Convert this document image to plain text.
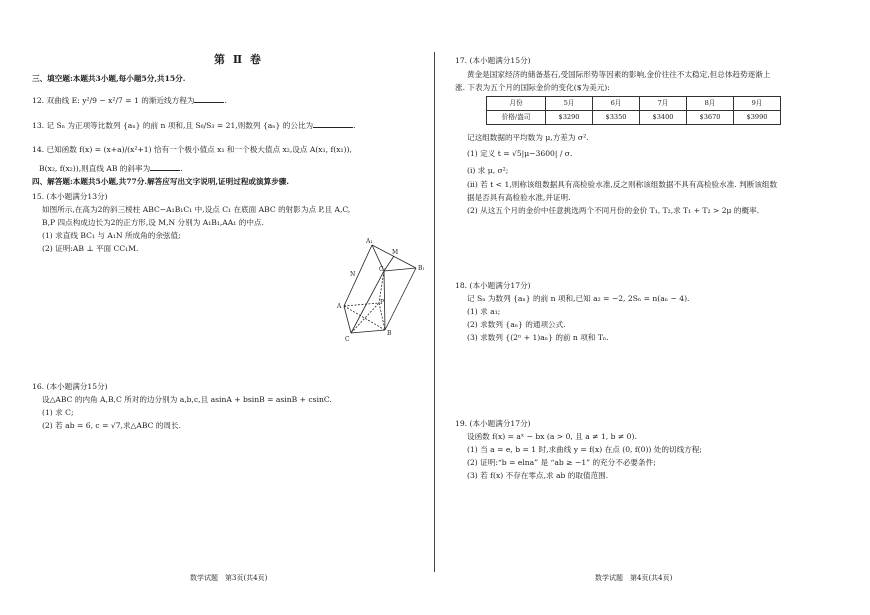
第 Ⅱ 卷
三、填空题:本题共3小题,每小题5分,共15分.
12. 双曲线 E: y²/9 − x²/7 = 1 的渐近线方程为	.
13. 记 Sₙ 为正项等比数列 {aₙ} 的前 n 项和,且 S₆/S₃ = 21,则数列 {aₙ} 的公比为	.
14. 已知函数 f(x) = (x+a)/(x²+1) 恰有一个极小值点 x₁ 和一个极大值点 x₂,设点 A(x₁, f(x₁)),
B(x₂, f(x₂)),则直线 AB 的斜率为	.
四、解答题:本题共5小题,共77分.解答应写出文字说明,证明过程或演算步骤.
15. (本小题满分13分)
如图所示,在高为2的斜三棱柱 ABC−A₁B₁C₁ 中,设点 C₁ 在底面 ABC 的射影为点 P,且 A,C,
B,P 四点构成边长为2的正方形,设 M,N 分别为 A₁B₁,AA₁ 的中点.
(1) 求直线 BC₁ 与 A₁N 所成角的余弦值;
(2) 证明:AB ⊥ 平面 CC₁M.
A₁
M
B₁
N
C₁
P
A
B
C
16. (本小题满分15分)
设△ABC 的内角 A,B,C 所对的边分别为 a,b,c,且 asinA + bsinB = asinB + csinC.
(1) 求 C;
(2) 若 ab = 6, c = √7,求△ABC 的周长.
数学试题　第3页(共4页)
17. (本小题满分15分)
黄金是国家经济的储备基石,受国际形势等因素的影响,金价往往不太稳定,但总体趋势逐渐上
涨. 下表为五个月的国际金价的变化($为美元):
月份	5月	6月	7月	8月	9月
价格/盎司	$3290	$3350	$3400	$3670	$3990
记这组数据的平均数为 μ,方差为 σ².
(1) 定义 t = √5|μ−3600| / σ.
(i) 求 μ, σ²;
(ii) 若 t < 1,则称该组数据具有高检验水准,反之则称该组数据不具有高检验水准. 判断该组数
据是否具有高检验水准,并证明.
(2) 从这五个月的金价中任意挑选两个不同月份的金价 T₁, T₂,求 T₁ + T₂ > 2μ 的概率.
18. (本小题满分17分)
记 Sₙ 为数列 {aₙ} 的前 n 项和,已知 a₂ = −2, 2Sₙ = n(aₙ − 4).
(1) 求 a₁;
(2) 求数列 {aₙ} 的通项公式.
(3) 求数列 {(2ⁿ + 1)aₙ} 的前 n 项和 Tₙ.
19. (本小题满分17分)
设函数 f(x) = aˣ − bx (a > 0, 且 a ≠ 1, b ≠ 0).
(1) 当 a = e, b = 1 时,求曲线 y = f(x) 在点 (0, f(0)) 处的切线方程;
(2) 证明:“b = elna” 是 “ab ≥ −1” 的充分不必要条件;
(3) 若 f(x) 不存在零点,求 ab 的取值范围.
数学试题　第4页(共4页)
